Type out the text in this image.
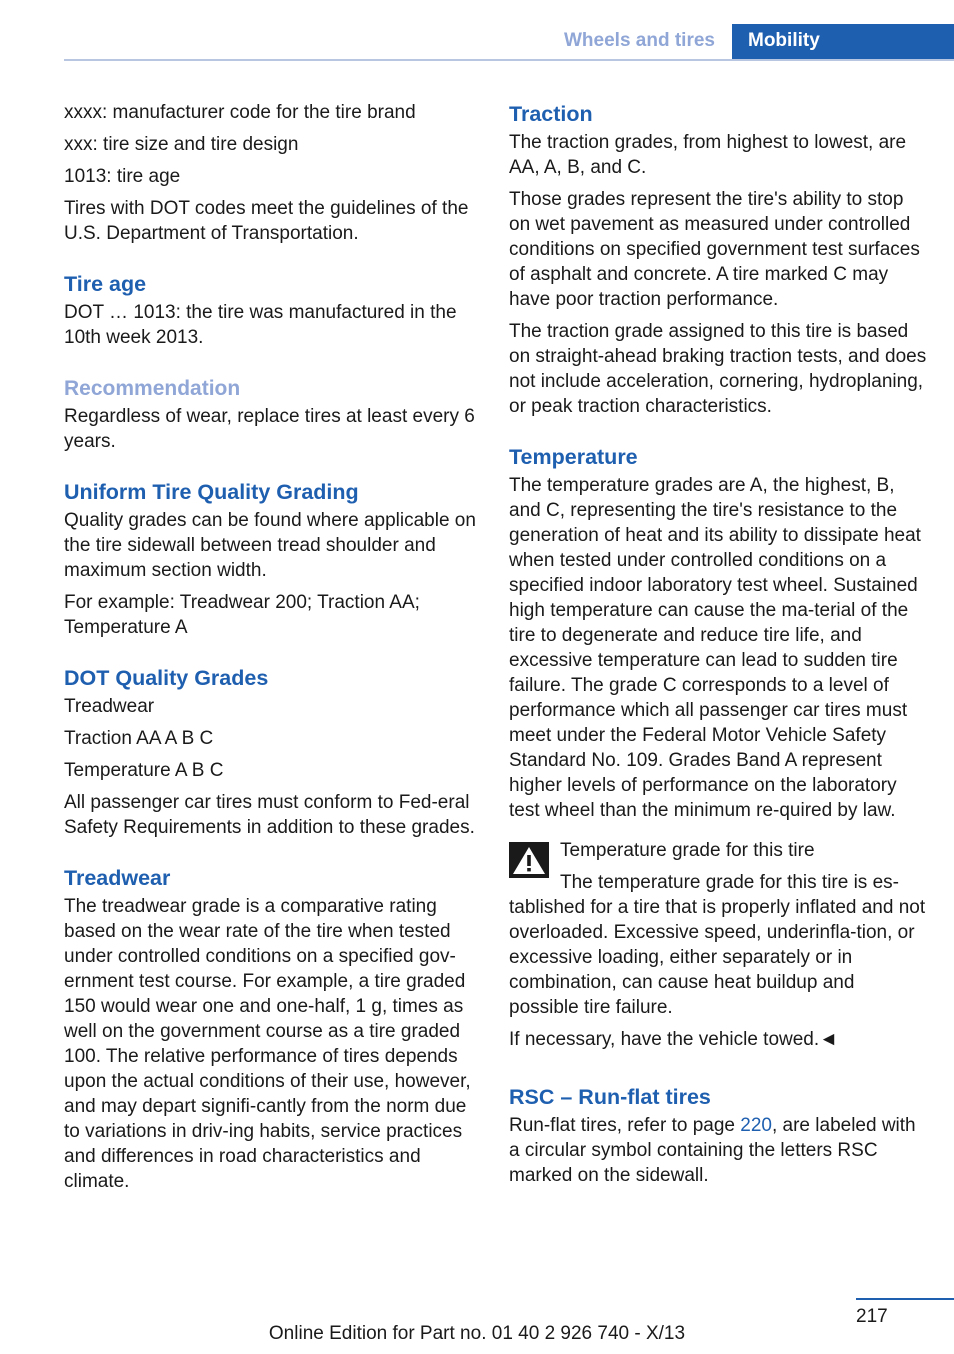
Wheels and tires	Mobility

xxxx: manufacturer code for the tire brand

xxx: tire size and tire design

1013: tire age

Tires with DOT codes meet the guidelines of the U.S. Department of Transportation.

Tire age

DOT … 1013: the tire was manufactured in the 10th week 2013.

Recommendation

Regardless of wear, replace tires at least every 6 years.

Uniform Tire Quality Grading

Quality grades can be found where applicable on the tire sidewall between tread shoulder and maximum section width.

For example: Treadwear 200; Traction AA; Temperature A

DOT Quality Grades

Treadwear

Traction AA A B C

Temperature A B C

All passenger car tires must conform to Fed‐eral Safety Requirements in addition to these grades.

Treadwear

The treadwear grade is a comparative rating based on the wear rate of the tire when tested under controlled conditions on a specified gov‐ernment test course. For example, a tire graded 150 would wear one and one-half, 1 g, times as well on the government course as a tire graded 100. The relative performance of tires depends upon the actual conditions of their use, however, and may depart signifi‐cantly from the norm due to variations in driv‐ing habits, service practices and differences in road characteristics and climate.

Traction

The traction grades, from highest to lowest, are AA, A, B, and C.

Those grades represent the tire's ability to stop on wet pavement as measured under controlled conditions on specified government test surfaces of asphalt and concrete. A tire marked C may have poor traction performance.

The traction grade assigned to this tire is based on straight-ahead braking traction tests, and does not include acceleration, cornering, hydroplaning, or peak traction characteristics.

Temperature

The temperature grades are A, the highest, B, and C, representing the tire's resistance to the generation of heat and its ability to dissipate heat when tested under controlled conditions on a specified indoor laboratory test wheel. Sustained high temperature can cause the ma‐terial of the tire to degenerate and reduce tire life, and excessive temperature can lead to sudden tire failure. The grade C corresponds to a level of performance which all passenger car tires must meet under the Federal Motor Vehicle Safety Standard No. 109. Grades Band A represent higher levels of performance on the laboratory test wheel than the minimum re‐quired by law.

Temperature grade for this tire

The temperature grade for this tire is es‐tablished for a tire that is properly inflated and not overloaded. Excessive speed, underinfla‐tion, or excessive loading, either separately or in combination, can cause heat buildup and possible tire failure.

If necessary, have the vehicle towed.◄

RSC – Run-flat tires

Run-flat tires, refer to page 220, are labeled with a circular symbol containing the letters RSC marked on the sidewall.

217
Online Edition for Part no. 01 40 2 926 740 - X/13
